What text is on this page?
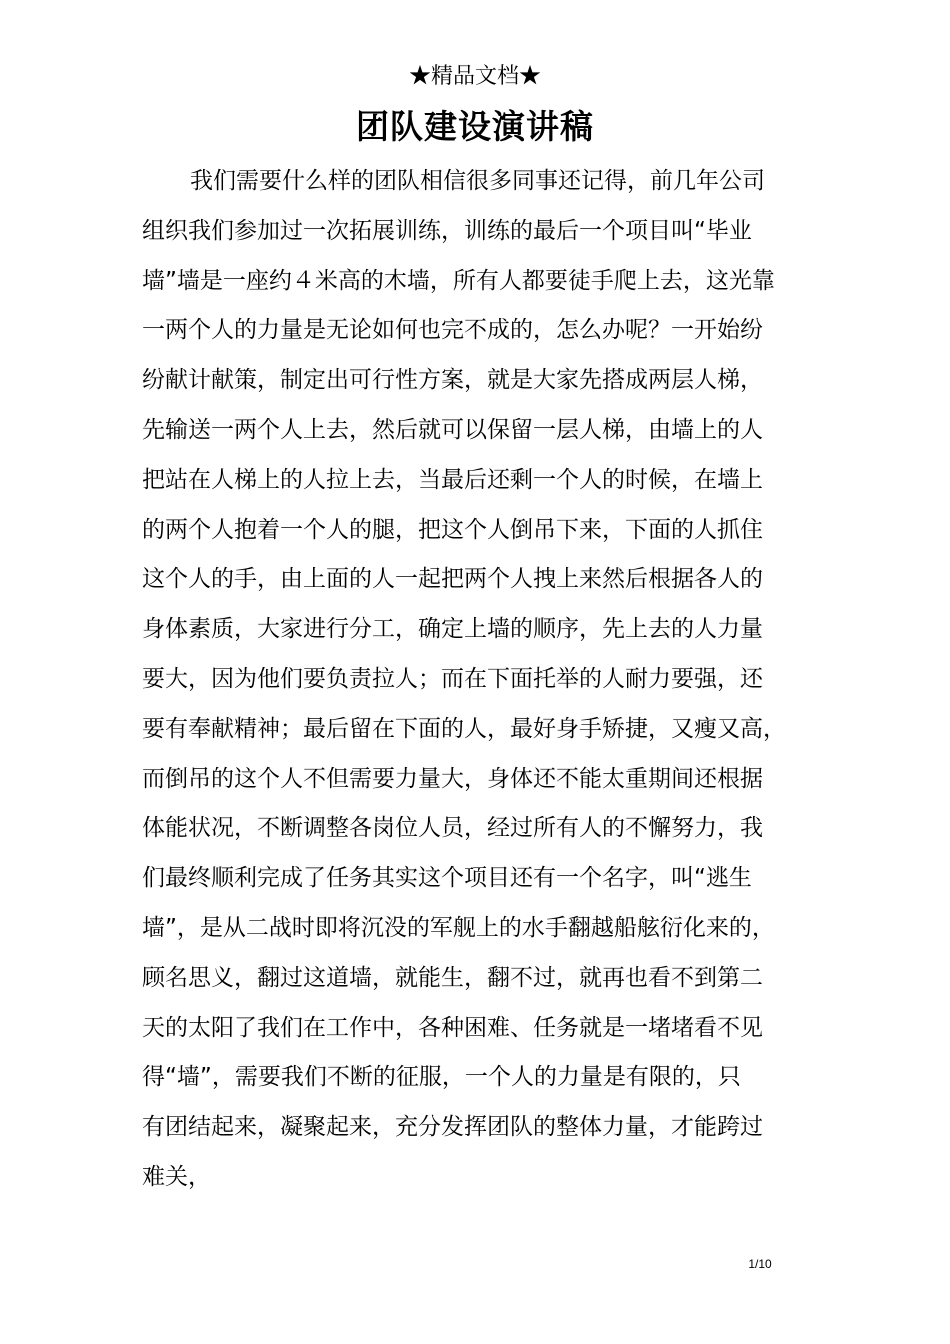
★精品文档★
团队建设演讲稿
我们需要什么样的团队相信很多同事还记得，前几年公司
组织我们参加过一次拓展训练，训练的最后一个项目叫“毕业
墙”墙是一座约４米高的木墙，所有人都要徒手爬上去，这光靠
一两个人的力量是无论如何也完不成的，怎么办呢？一开始纷
纷献计献策，制定出可行性方案，就是大家先搭成两层人梯，
先输送一两个人上去，然后就可以保留一层人梯，由墙上的人
把站在人梯上的人拉上去，当最后还剩一个人的时候，在墙上
的两个人抱着一个人的腿，把这个人倒吊下来，下面的人抓住
这个人的手，由上面的人一起把两个人拽上来然后根据各人的
身体素质，大家进行分工，确定上墙的顺序，先上去的人力量
要大，因为他们要负责拉人；而在下面托举的人耐力要强，还
要有奉献精神；最后留在下面的人，最好身手矫捷，又瘦又高，
而倒吊的这个人不但需要力量大，身体还不能太重期间还根据
体能状况，不断调整各岗位人员，经过所有人的不懈努力，我
们最终顺利完成了任务其实这个项目还有一个名字，叫“逃生
墙”，是从二战时即将沉没的军舰上的水手翻越船舷衍化来的，
顾名思义，翻过这道墙，就能生，翻不过，就再也看不到第二
天的太阳了我们在工作中，各种困难、任务就是一堵堵看不见
得“墙”，需要我们不断的征服，一个人的力量是有限的，只
有团结起来，凝聚起来，充分发挥团队的整体力量，才能跨过
难关，
1/10
